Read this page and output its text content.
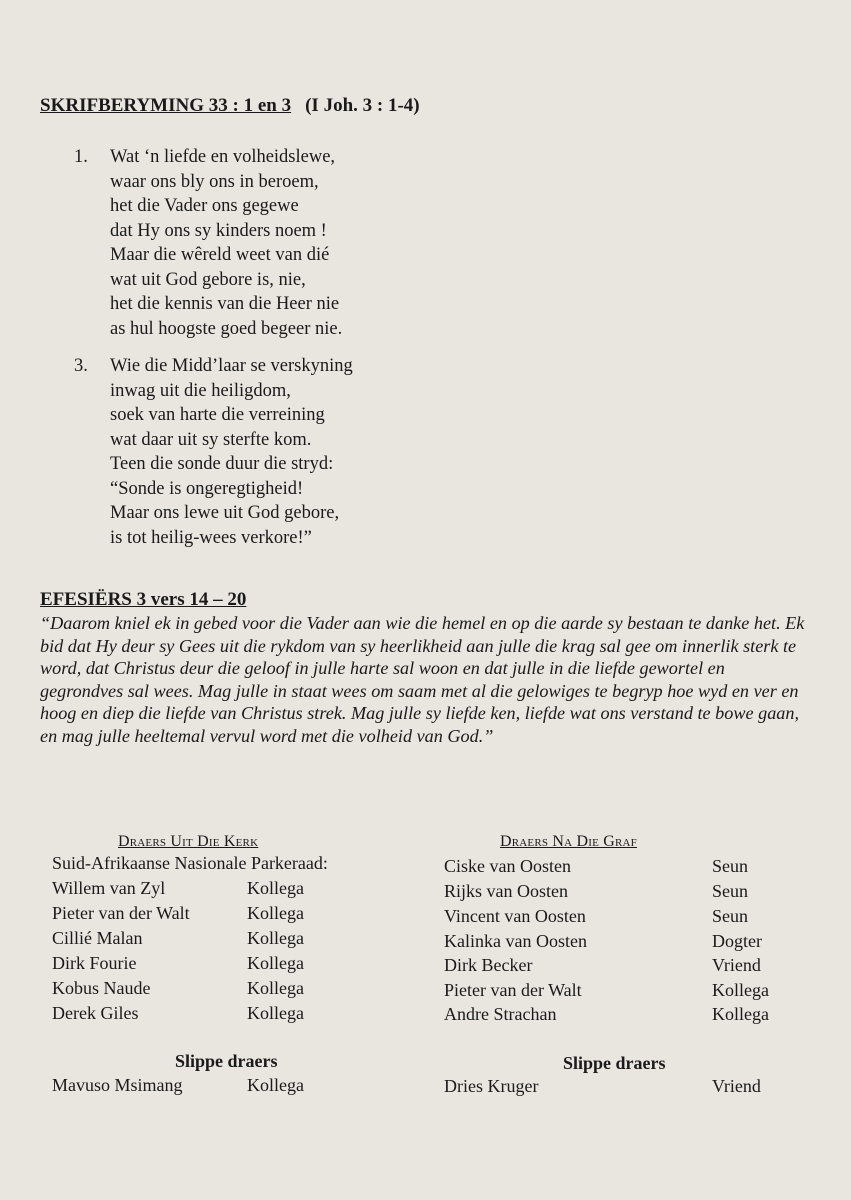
SKRIFBERYMING 33 : 1 en 3 (I Joh. 3 : 1-4)
1.	Wat ‘n liefde en volheidslewe,
waar ons bly ons in beroem,
het die Vader ons gegewe
dat Hy ons sy kinders noem !
Maar die wêreld weet van dié
wat uit God gebore is, nie,
het die kennis van die Heer nie
as hul hoogste goed begeer nie.
3.	Wie die Midd’laar se verskyning
inwag uit die heiligdom,
soek van harte die verreining
wat daar uit sy sterfte kom.
Teen die sonde duur die stryd:
“Sonde is ongeregtigheid!
Maar ons lewe uit God gebore,
is tot heilig-wees verkore!”
EFESIËRS 3 vers 14 – 20
“Daarom kniel ek in gebed voor die Vader aan wie die hemel en op die aarde sy bestaan te danke het. Ek bid dat Hy deur sy Gees uit die rykdom van sy heerlikheid aan julle die krag sal gee om innerlik sterk te word, dat Christus deur die geloof in julle harte sal woon en dat julle in die liefde gewortel en gegrondves sal wees. Mag julle in staat wees om saam met al die gelowiges te begryp hoe wyd en ver en hoog en diep die liefde van Christus strek. Mag julle sy liefde ken, liefde wat ons verstand te bowe gaan, en mag julle heeltemal vervul word met die volheid van God.”
Draers Uit Die Kerk
Suid-Afrikaanse Nasionale Parkeraad:
Willem van Zyl	Kollega
Pieter van der Walt	Kollega
Cillié Malan	Kollega
Dirk Fourie	Kollega
Kobus Naude	Kollega
Derek Giles	Kollega
Slippe draers
Mavuso Msimang	Kollega
Draers Na Die Graf
Ciske van Oosten	Seun
Rijks van Oosten	Seun
Vincent van Oosten	Seun
Kalinka van Oosten	Dogter
Dirk Becker	Vriend
Pieter van der Walt	Kollega
Andre Strachan	Kollega
Slippe draers
Dries Kruger	Vriend
